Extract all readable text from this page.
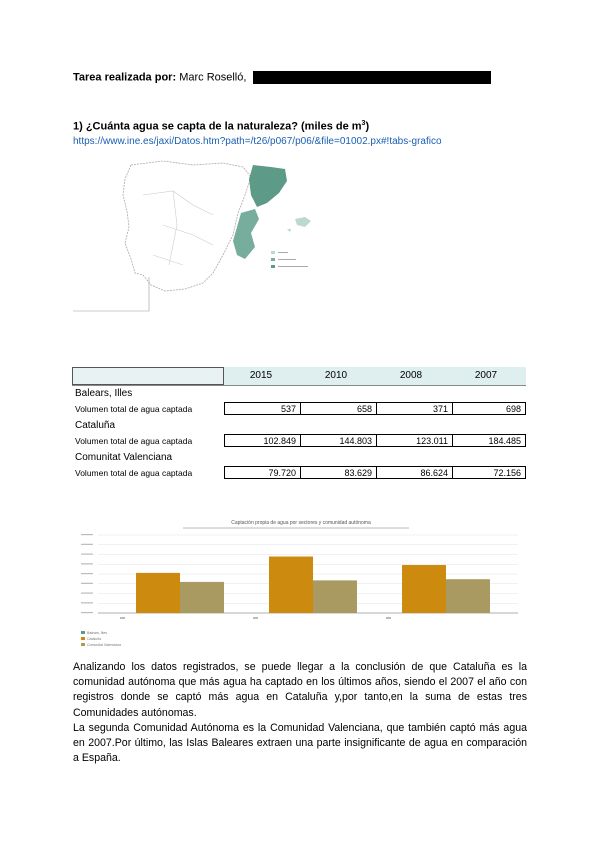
Tarea realizada por: Marc Roselló,
1) ¿Cuánta agua se capta de la naturaleza? (miles de $m^3$)
https://www.ine.es/jaxi/Datos.htm?path=/t26/p067/p06/&file=01002.px#!tabs-grafico
2015	2010	2008	2007
Balears, Illes
Volumen total de agua captada	537	658	371	698
Cataluña
Volumen total de agua captada	102.849	144.803	123.011	184.485
Comunitat Valenciana
Volumen total de agua captada	79.720	83.629	86.624	72.156
Captación propia de agua por sectores y comunidad autónoma
Balears, Illes
Cataluña
Comunitat Valenciana

Analizando los datos registrados, se puede llegar a la conclusión de que Cataluña es la comunidad autónoma que más agua ha captado en los últimos años, siendo el 2007 el año con registros donde se captó más agua en Cataluña y,por tanto,en la suma de estas tres Comunidades autónomas.

La segunda Comunidad Autónoma es la Comunidad Valenciana, que también captó más agua en 2007.Por último, las Islas Baleares extraen una parte insignificante de agua en comparación a España.
